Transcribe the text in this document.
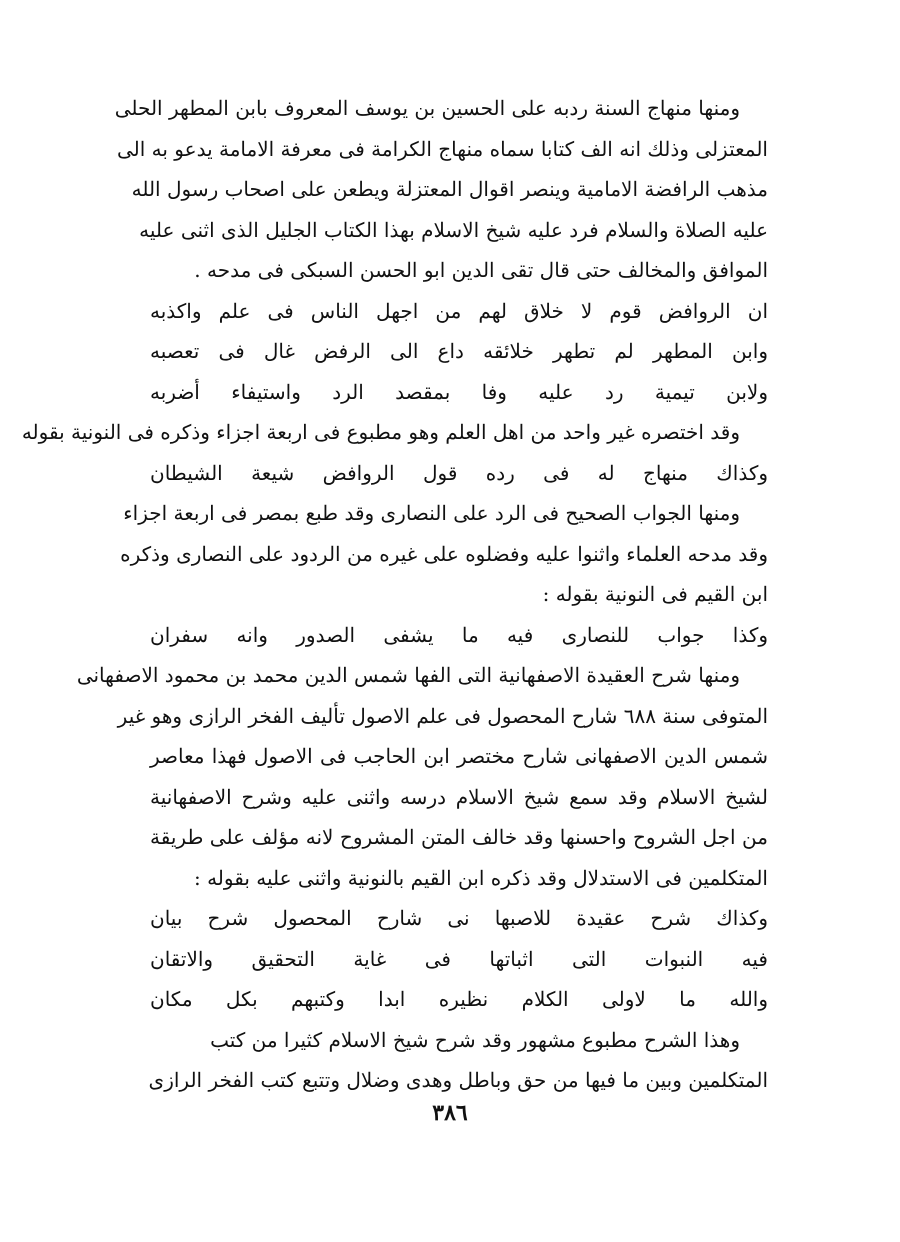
ومنها منهاج السنة ردبه على الحسين بن يوسف المعروف بابن المطهر الحلى
المعتزلى وذلك انه الف كتابا سماه منهاج الكرامة فى معرفة الامامة يدعو به الى
مذهب الرافضة الامامية وينصر اقوال المعتزلة ويطعن على اصحاب رسول الله
عليه الصلاة والسلام فرد عليه شيخ الاسلام بهذا الكتاب الجليل الذى اثنى عليه
الموافق والمخالف حتى قال تقى الدين ابو الحسن السبكى فى مدحه .
ان الروافض قوم لا خلاق لهم من اجهل الناس فى علم واكذبه
وابن المطهر لم تطهر خلائقه داع الى الرفض غال فى تعصبه
ولابن تيمية رد عليه وفا بمقصد الرد واستيفاء أضربه
وقد اختصره غير واحد من اهل العلم وهو مطبوع فى اربعة اجزاء وذكره فى النونية بقوله
وكذاك منهاج له فى رده قول الروافض شيعة الشيطان
ومنها الجواب الصحيح فى الرد على النصارى وقد طبع بمصر فى اربعة اجزاء
وقد مدحه العلماء واثنوا عليه وفضلوه على غيره من الردود على النصارى وذكره
ابن القيم فى النونية بقوله :
وكذا جواب للنصارى فيه ما يشفى الصدور وانه سفران
ومنها شرح العقيدة الاصفهانية التى الفها شمس الدين محمد بن محمود الاصفهانى
المتوفى سنة ٦٨٨ شارح المحصول فى علم الاصول تأليف الفخر الرازى وهو غير
شمس الدين الاصفهانى شارح مختصر ابن الحاجب فى الاصول فهذا معاصر
لشيخ الاسلام وقد سمع شيخ الاسلام درسه واثنى عليه وشرح الاصفهانية
من اجل الشروح واحسنها وقد خالف المتن المشروح لانه مؤلف على طريقة
المتكلمين فى الاستدلال وقد ذكره ابن القيم بالنونية واثنى عليه بقوله :
وكذاك شرح عقيدة للاصبها نى شارح المحصول شرح بيان
فيه النبوات التى اثباتها فى غاية التحقيق والاتقان
والله ما لاولى الكلام نظيره ابدا وكتبهم بكل مكان
وهذا الشرح مطبوع مشهور وقد شرح شيخ الاسلام كثيرا من كتب
المتكلمين وبين ما فيها من حق وباطل وهدى وضلال وتتبع كتب الفخر الرازى
٣٨٦
